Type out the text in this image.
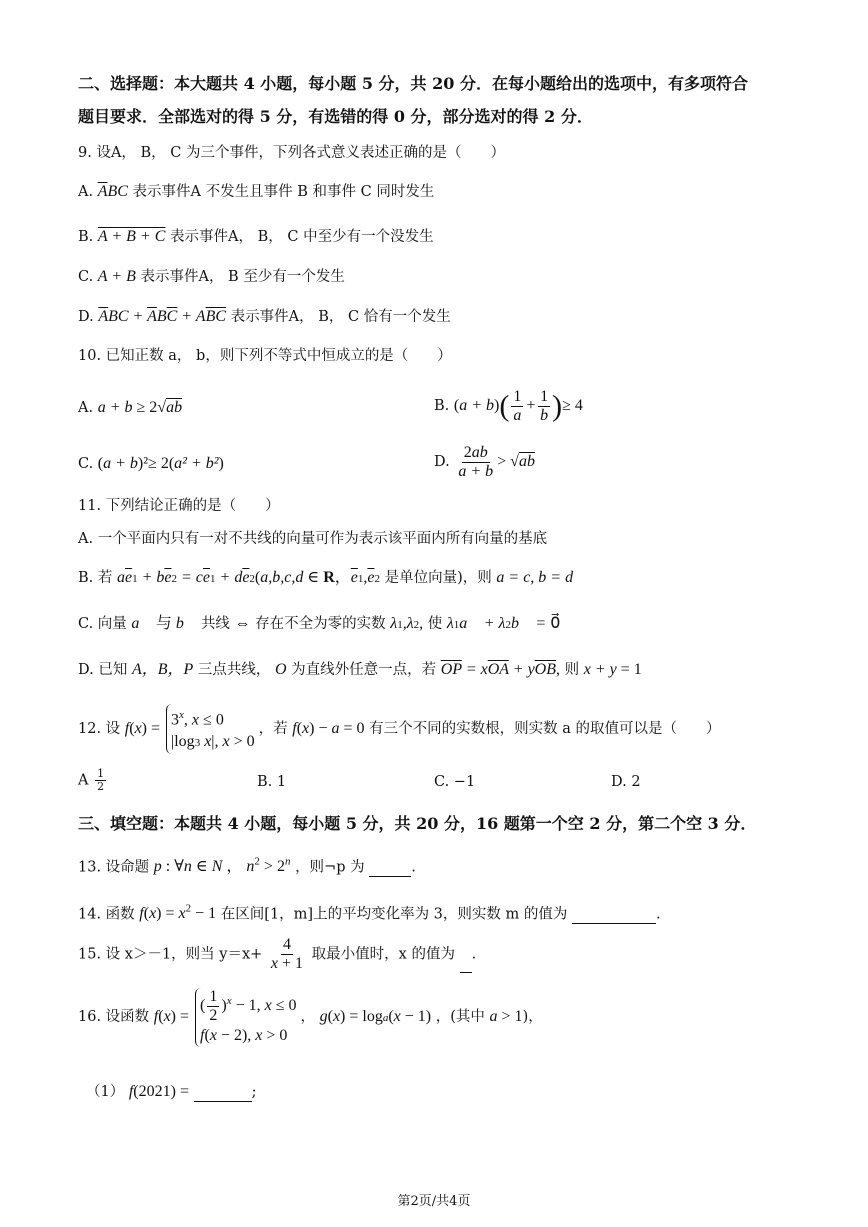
二、选择题：本大题共 4 小题，每小题 5 分，共 20 分．在每小题给出的选项中，有多项符合
题目要求．全部选对的得 5 分，有选错的得 0 分，部分选对的得 2 分．
9. 设A， B， C 为三个事件，下列各式意义表述正确的是（　　）
A. $\overline{A}BC$ 表示事件A 不发生且事件 B 和事件 C 同时发生
B. A + B + C 表示事件A， B， C 中至少有一个没发生
C. A + B 表示事件A， B 至少有一个发生
D. $\overline{A}BC + \overline{A}B\overline{C} + A\overline{BC}$ 表示事件A， B， C 恰有一个发生
10. 已知正数 a， b，则下列不等式中恒成立的是（　　）
A. a + b ≥ 2√ab	B. $(a + b)( \frac{1}{a} + \frac{1}{b}$ )≥ 4
C. (a + b)²≥ 2(a² + b²)	D. $\frac{2ab}{a + b} > √ab$
11. 下列结论正确的是（　　）
A. 一个平面内只有一对不共线的向量可作为表示该平面内所有向量的基底
B. 若 $a\overline{e}1 + b\overline{e}2 = c\overline{e}1 + d\overline{e}2(a,b,c,d$ ∈ R，$\overline{e}1,\overline{e}2$ 是单位向量)，则 a = c, b = d
C. 向量 a⃗ 与 b⃗ 共线 ⇔ 存在不全为零的实数 λ1,λ2, 使 λ1a⃗ + λ2b⃗ = 0⃗
D. 已知 A，B，P 三点共线， O 为直线外任意一点，若 $\overline{OP} = x\overline{OA} + y\overline{OB}$, 则 x + y = 1
12. 设 f(x) =
3$^x$, x ≤ 0
|log3 x|, x > 0
，若 f(x) − a = 0 有三个不同的实数根，则实数 a 的取值可以是（　　）
A $\frac{1}{2}$	B. 1	C. −1	D. 2
三、填空题：本题共 4 小题，每小题 5 分，共 20 分，16 题第一个空 2 分，第二个空 3 分．
13. 设命题 p : ∀n ∈ N ， $n^2 > 2^n$ ，则¬p 为	.
14. 函数 $f(x) = x^2 - 1$ 在区间[1，m]上的平均变化率为 3，则实数 m 的值为	.
15. 设 x＞－1，则当 $y=x+ \frac{4}{x + 1}$ 取最小值时，x 的值为 .
16. 设函数 f(x) =
( $\frac{1}{2} )^x - 1$, x ≤ 0
f(x − 2), x > 0
， g(x) = loga(x − 1) ，(其中 a > 1)，
（1） f(2021) =	;
第2页/共4页
